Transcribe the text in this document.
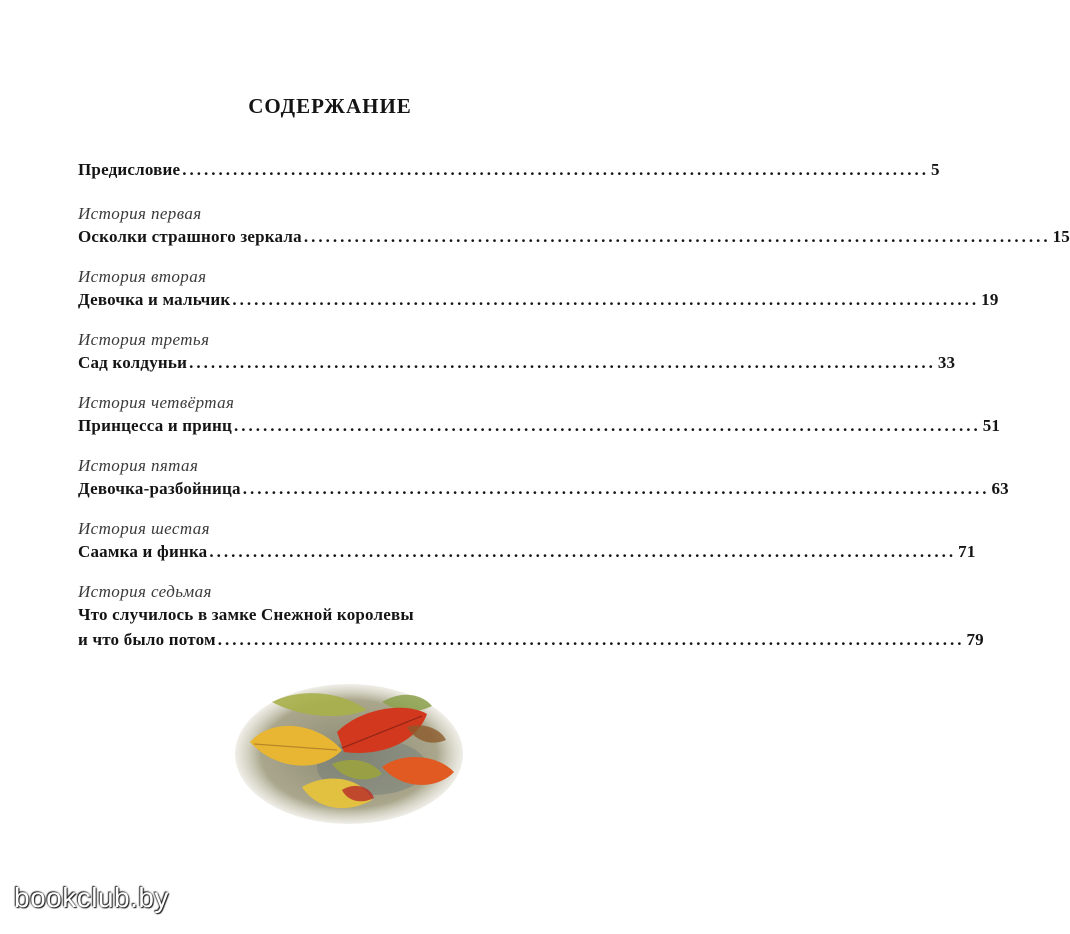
СОДЕРЖАНИЕ
Предисловие ....................................................................................................... 5
История первая
Осколки страшного зеркала ....................................................................................................... 15
История вторая
Девочка и мальчик ....................................................................................................... 19
История третья
Сад колдуньи ....................................................................................................... 33
История четвёртая
Принцесса и принц ....................................................................................................... 51
История пятая
Девочка-разбойница ....................................................................................................... 63
История шестая
Саамка и финка ....................................................................................................... 71
История седьмая
Что случилось в замке Снежной королевы
и что было потом ....................................................................................................... 79
bookclub.by
